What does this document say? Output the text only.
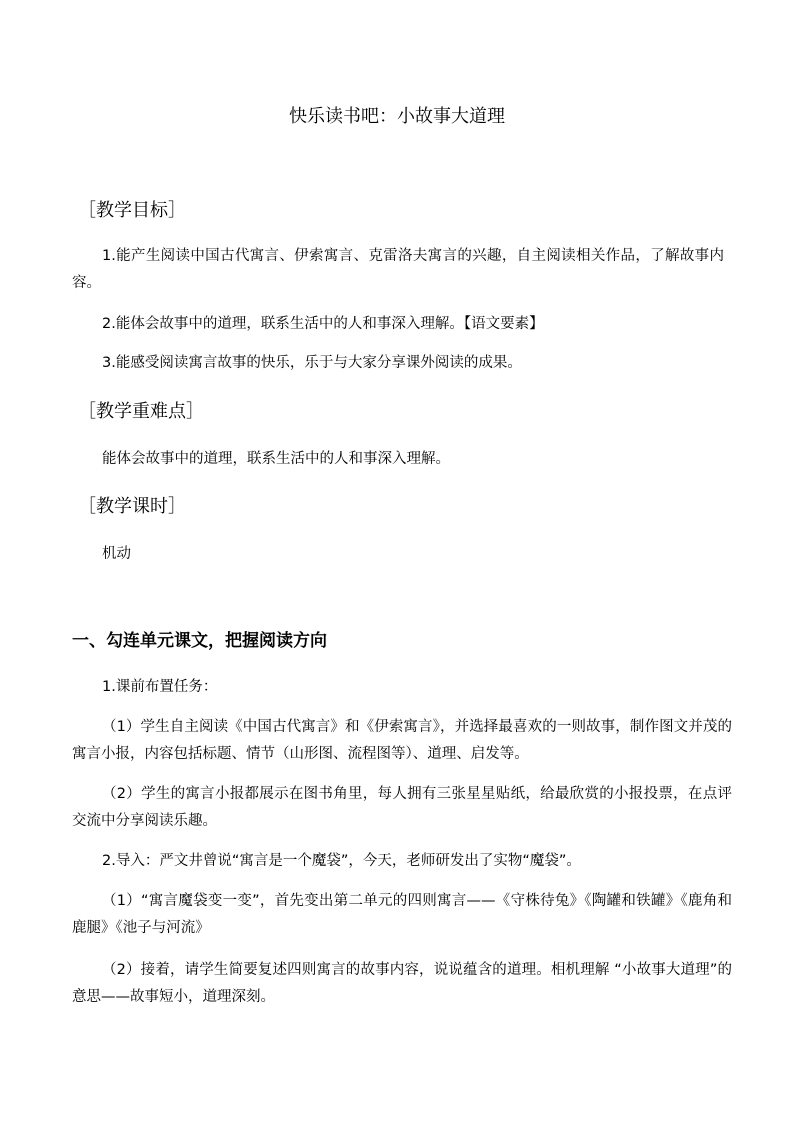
快乐读书吧：小故事大道理
［教学目标］
1.能产生阅读中国古代寓言、伊索寓言、克雷洛夫寓言的兴趣，自主阅读相关作品，了解故事内容。
2.能体会故事中的道理，联系生活中的人和事深入理解。【语文要素】
3.能感受阅读寓言故事的快乐，乐于与大家分享课外阅读的成果。
［教学重难点］
能体会故事中的道理，联系生活中的人和事深入理解。
［教学课时］
机动
一、勾连单元课文，把握阅读方向
1.课前布置任务：
（1）学生自主阅读《中国古代寓言》和《伊索寓言》，并选择最喜欢的一则故事，制作图文并茂的寓言小报，内容包括标题、情节（山形图、流程图等）、道理、启发等。
（2）学生的寓言小报都展示在图书角里，每人拥有三张星星贴纸，给最欣赏的小报投票，在点评交流中分享阅读乐趣。
2.导入：严文井曾说“寓言是一个魔袋”，今天，老师研发出了实物“魔袋”。
（1）“寓言魔袋变一变”，首先变出第二单元的四则寓言——《守株待兔》《陶罐和铁罐》《鹿角和鹿腿》《池子与河流》
（2）接着，请学生简要复述四则寓言的故事内容，说说蕴含的道理。相机理解 “小故事大道理”的意思——故事短小，道理深刻。
